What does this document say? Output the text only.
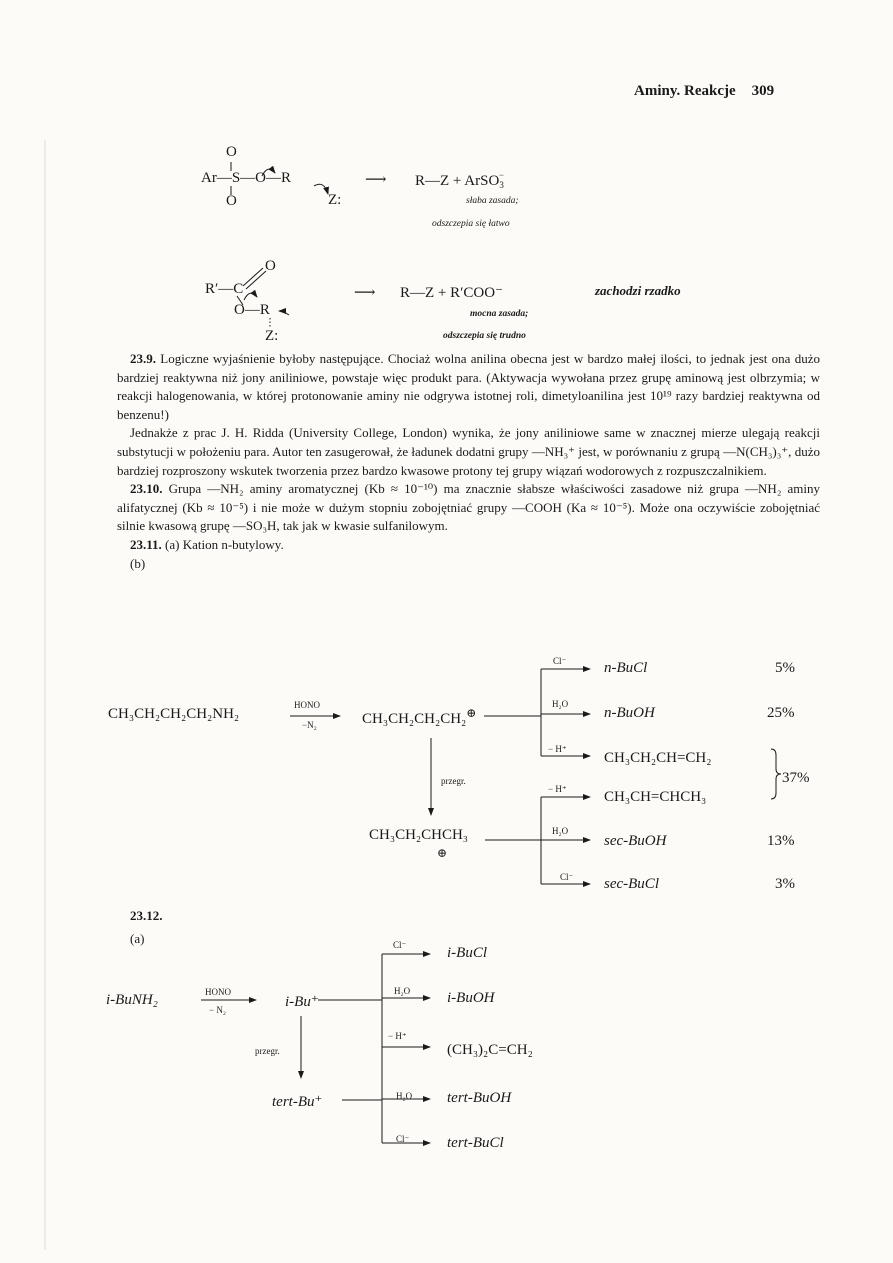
Aminy. Reakcje 309
O
Ar—S—O—R
O	Z:
⟶ R—Z + ArSO$_3$−
słaba zasada;
odszczepia się łatwo
O
R′—C
O—R
Z:
⟶ R—Z + R′COO⁻
mocna zasada;
odszczepia się trudno
zachodzi rzadko

23.9. Logiczne wyjaśnienie byłoby następujące. Chociaż wolna anilina obecna jest w bardzo małej ilości, to jednak jest ona dużo bardziej reaktywna niż jony aniliniowe, powstaje więc produkt para. (Aktywacja wywołana przez grupę aminową jest olbrzymia; w reakcji halogenowania, w której protonowanie aminy nie odgrywa istotnej roli, dimetyloanilina jest 10¹⁹ razy bardziej reaktywna od benzenu!)

Jednakże z prac J. H. Ridda (University College, London) wynika, że jony aniliniowe same w znacznej mierze ulegają reakcji substytucji w położeniu para. Autor ten zasugerował, że ładunek dodatni grupy —NH₃⁺ jest, w porównaniu z grupą —N(CH₃)₃⁺, dużo bardziej rozproszony wskutek tworzenia przez bardzo kwasowe protony tej grupy wiązań wodorowych z rozpuszczalnikiem.

23.10. Grupa —NH₂ aminy aromatycznej (Kb ≈ 10⁻¹⁰) ma znacznie słabsze właściwości zasadowe niż grupa —NH₂ aminy alifatycznej (Kb ≈ 10⁻⁵) i nie może w dużym stopniu zobojętniać grupy —COOH (Ka ≈ 10⁻⁵). Może ona oczywiście zobojętniać silnie kwasową grupę —SO₃H, tak jak w kwasie sulfanilowym.

23.11. (a) Kation n-butylowy.

(b)

CH₃CH₂CH₂CH₂NH₂
HONO
−N₂	CH₃CH₂CH₂CH₂⊕
przegr.
CH₃CH₂CHCH₃
⊕
Cl⁻
H₂O
− H⁺
− H⁺
H₂O
Cl⁻
n-BuCl
n-BuOH
CH₃CH₂CH=CH₂
CH₃CH=CHCH₃
sec-BuOH
sec-BuCl
5%
25%
37%
13%
3%
23.12.
(a)
i-BuNH₂	HONO
− N₂	i-Bu⁺
przegr.
tert-Bu⁺
Cl⁻
H₂O
− H⁺
H₂O
Cl⁻
i-BuCl
i-BuOH
(CH₃)₂C=CH₂
tert-BuOH
tert-BuCl
